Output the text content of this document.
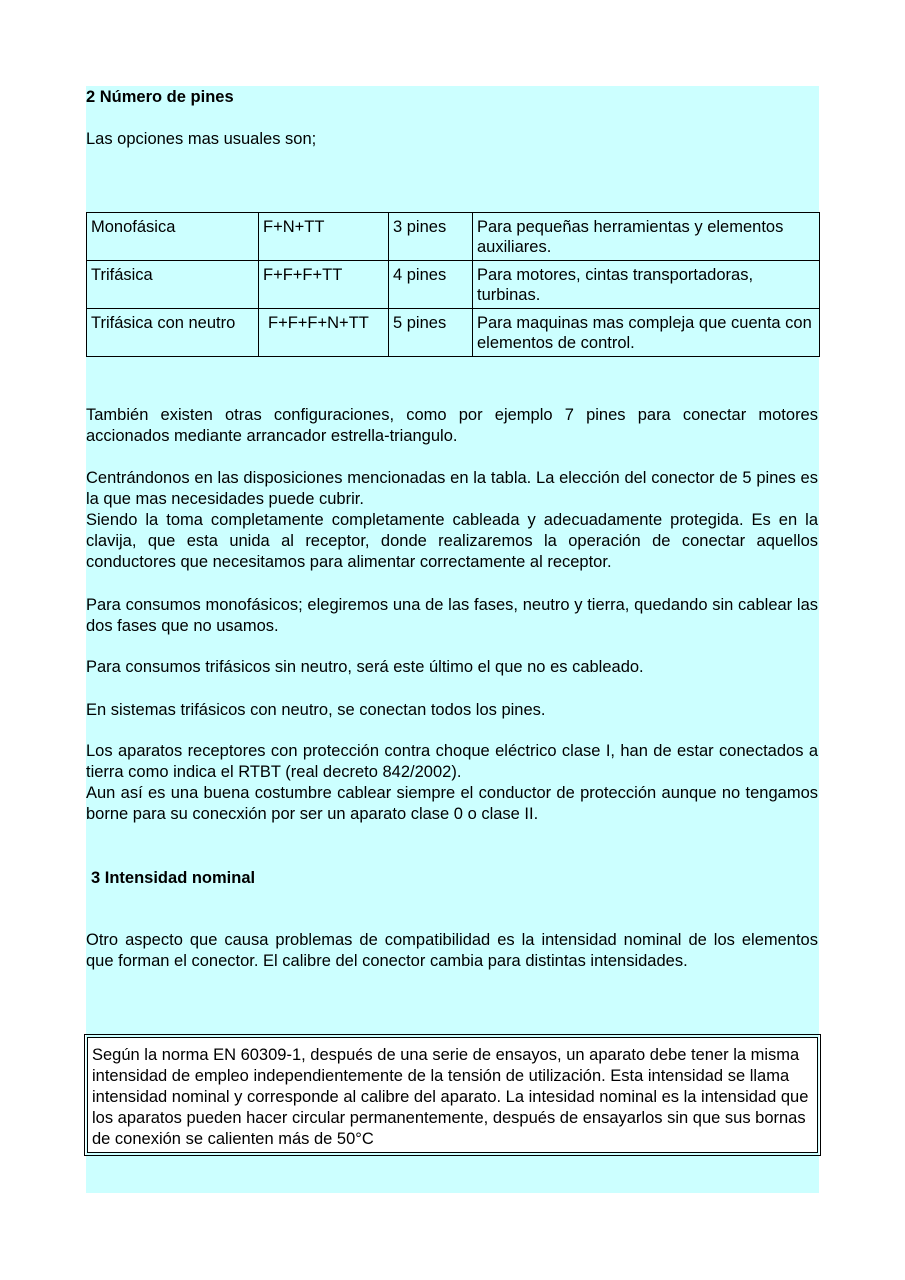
2 Número de pines

Las opciones mas usuales son;

Monofásica	F+N+TT	3 pines	Para pequeñas herramientas y elementos auxiliares.
Trifásica	F+F+F+TT	4 pines	Para motores, cintas transportadoras, turbinas.
Trifásica con neutro	F+F+F+N+TT	5 pines	Para maquinas mas compleja que cuenta con elementos de control.

También existen otras configuraciones, como por ejemplo 7 pines para conectar motores accionados mediante arrancador estrella-triangulo.

Centrándonos en las disposiciones mencionadas en la tabla. La elección del conector de 5 pines es la que mas necesidades puede cubrir.

Siendo la toma completamente completamente cableada y adecuadamente protegida. Es en la clavija, que esta unida al receptor, donde realizaremos la operación de conectar aquellos conductores que necesitamos para alimentar correctamente al receptor.

Para consumos monofásicos; elegiremos una de las fases, neutro y tierra, quedando sin cablear las dos fases que no usamos.

Para consumos trifásicos sin neutro, será este último el que no es cableado.

En sistemas trifásicos con neutro, se conectan todos los pines.

Los aparatos receptores con protección contra choque eléctrico clase I, han de estar conectados a tierra como indica el RTBT (real decreto 842/2002).

Aun así es una buena costumbre cablear siempre el conductor de protección aunque no tengamos borne para su conecxión por ser un aparato clase 0 o clase II.

3 Intensidad nominal

Otro aspecto que causa problemas de compatibilidad es la intensidad nominal de los elementos que forman el conector. El calibre del conector cambia para distintas intensidades.

Según la norma EN 60309-1, después de una serie de ensayos, un aparato debe tener la misma intensidad de empleo independientemente de la tensión de utilización. Esta intensidad se llama intensidad nominal y corresponde al calibre del aparato. La intesidad nominal es la intensidad que los aparatos pueden hacer circular permanentemente, después de ensayarlos sin que sus bornas de conexión se calienten más de 50°C
